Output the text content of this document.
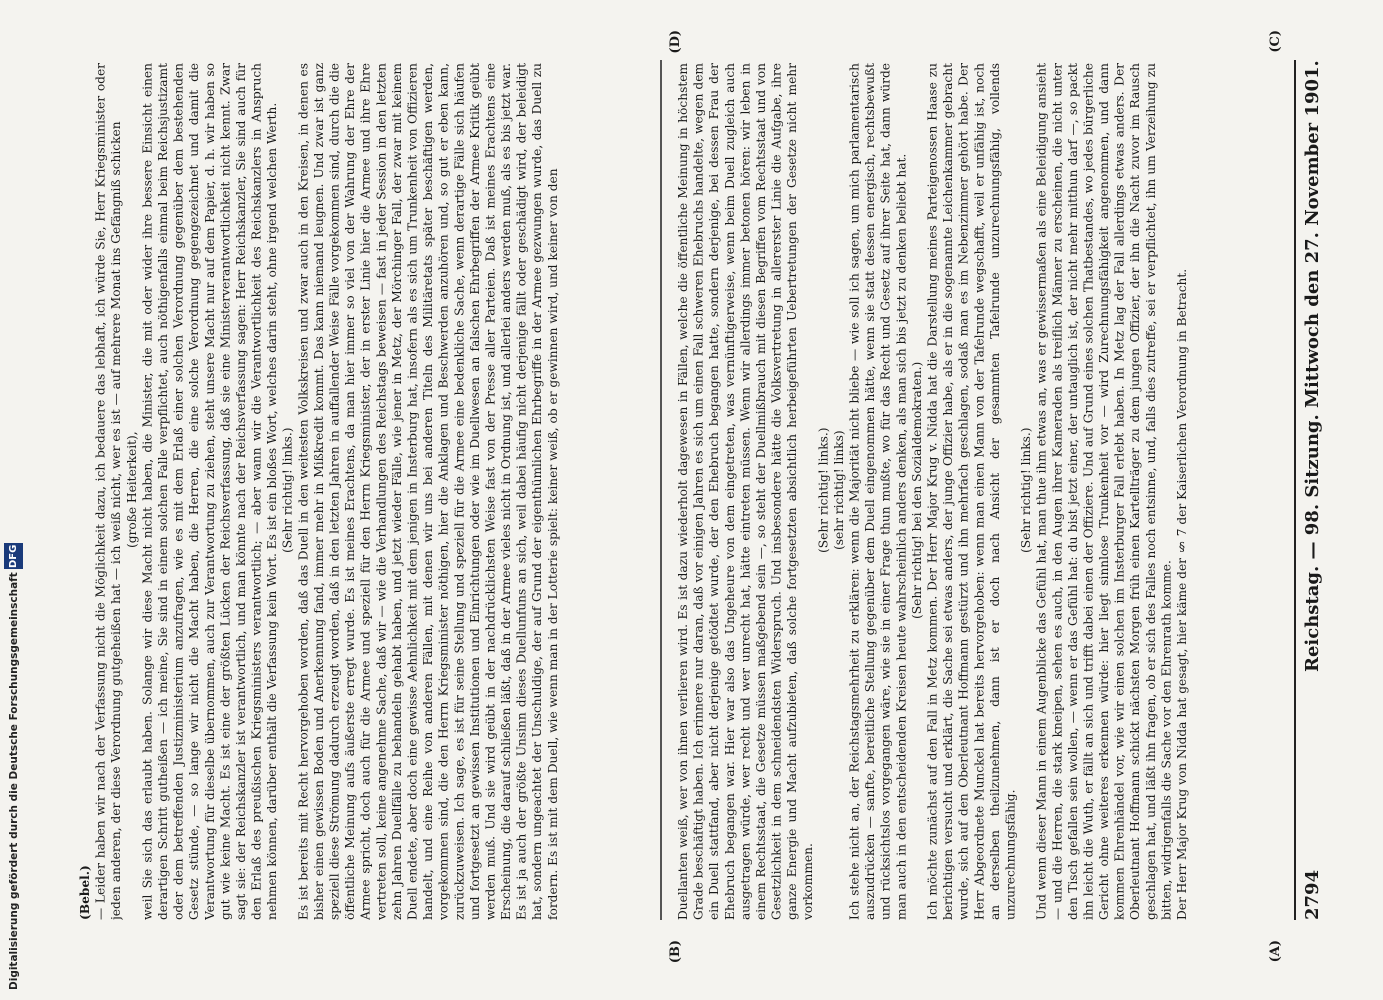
(Bebel.) — Leider haben wir nach der Verfassung nicht die Möglichkeit dazu, ich bedauere das lebhaft, ich würde Sie, Herr Kriegsminister oder jeden anderen, der diese Verordnung gutgeheißen hat — ich weiß nicht, wer es ist — auf mehrere Monat ins Gefängniß schicken (große Heiterkeit), weil Sie sich das erlaubt haben. Solange wir diese Macht nicht haben, die Minister, die mit oder wider ihre bessere Einsicht einen derartigen Schritt gutheißen — ich meine, Sie sind in einem solchen Falle verpflichtet, auch nöthigenfalls einmal beim Reichsjustizamt oder dem betreffenden Justizministerium anzufragen, wie es mit dem Erlaß einer solchen Verordnung gegenüber dem bestehenden Gesetz stünde, — so lange wir nicht die Macht haben, die Herren, die eine solche Verordnung gegengezeichnet und damit die Verantwortung für dieselbe übernommen, auch zur Verantwortung zu ziehen, steht unsere Macht nur auf dem Papier, d. h. wir haben so gut wie keine Macht. Es ist eine der größten Lücken der Reichsverfassung, daß sie eine Ministerverantwortlichkeit nicht kennt. Zwar sagt sie: der Reichskanzler ist verantwortlich, und man könnte nach der Reichsverfassung sagen: Herr Reichskanzler, Sie sind auch für den Erlaß des preußischen Kriegsministers verantwortlich; — aber wann wir die Verantwortlichkeit des Reichskanzlers in Anspruch nehmen können, darüber enthält die Verfassung kein Wort. Es ist ein bloßes Wort, welches darin steht, ohne irgend welchen Werth. (Sehr richtig! links.) Es ist bereits mit Recht hervorgehoben worden, daß das Duell in den weitesten Volkskreisen und zwar auch in den Kreisen, in denen es bisher einen gewissen Boden und Anerkennung fand, immer mehr in Mißkredit kommt. Das kann niemand leugnen. Und zwar ist ganz speziell diese Strömung dadurch erzeugt worden, daß in den letzten Jahren in auffallender Weise Fälle vorgekommen sind, durch die die öffentliche Meinung aufs äußerste erregt wurde. Es ist meines Erachtens, da man hier immer so viel von der Wahrung der Ehre der Armee spricht, doch auch für die Armee und speziell für den Herrn Kriegsminister, der in erster Linie hier die Armee und ihre Ehre vertreten soll, keine angenehme Sache, daß wir — wie die Verhandlungen des Reichstags beweisen — fast in jeder Session in den letzten zehn Jahren Duellfälle zu behandeln gehabt haben, und jetzt wieder Fälle, wie jener in Metz, der Mörchinger Fall, der zwar mit keinem Duell endete, aber doch eine gewisse Aehnlichkeit mit dem jenigen in Insterburg hat, insofern als es sich um Trunkenheit von Offizieren handelt, und eine Reihe von anderen Fällen, mit denen wir uns bei anderen Titeln des Militäretats später beschäftigen werden, vorgekommen sind, die den Herrn Kriegsminister nöthigen, hier die Anklagen und Beschwerden anzuhören und, so gut er eben kann, zurückzuweisen. Ich sage, es ist für seine Stellung und speziell für die Armee eine bedenkliche Sache, wenn derartige Fälle sich häufen und fortgesetzt an gewissen Institutionen und Einrichtungen oder wie im Duellwesen an falschen Ehrbegriffen der Armee Kritik geübt werden muß. Und sie wird geübt in der nachdrücklichsten Weise fast von der Presse aller Parteien. Daß ist meines Erachtens eine Erscheinung, die darauf schließen läßt, daß in der Armee vieles nicht in Ordnung ist, und allerlei anders werden muß, als es bis jetzt war. Es ist ja auch der größte Unsinn dieses Duellunfuns an sich, weil dabei häufig nicht derjenige fällt oder geschädigt wird, der beleidigt hat, sondern ungeachtet der Unschuldige, der auf Grund der eigenthümlichen Ehrbegriffe in der Armee gezwungen wurde, das Duell zu fordern. Es ist mit dem Duell, wie wenn man in der Lotterie spielt: keiner weiß, ob er gewinnen wird, und keiner von den	Duellanten weiß, wer von ihnen verlieren wird. Es ist dazu wiederholt dagewesen in Fällen, welche die öffentliche Meinung in höchstem Grade beschäftigt haben. Ich erinnere nur daran, daß vor einigen Jahren es sich um einen Fall schweren Ehebruchs handelte, wegen dem ein Duell stattfand, aber nicht derjenige getödtet wurde, der den Ehebruch begangen hatte, sondern derjenige, bei dessen Frau der Ehebruch begangen war. Hier war also das Ungeheure von dem eingetreten, was vernünftigerweise, wenn beim Duell zugleich auch ausgetragen würde, wer recht und wer unrecht hat, hätte eintreten müssen. Wenn wir allerdings immer betonen hören: wir leben in einem Rechtsstaat, die Gesetze müssen maßgebend sein —, so steht der Duellmißbrauch mit diesen Begriffen vom Rechtsstaat und von Gesetzlichkeit in dem schneidendsten Widerspruch. Und insbesondere hätte die Volksvertretung in allererster Linie die Aufgabe, ihre ganze Energie und Macht aufzubieten, daß solche fortgesetzten absichtlich herbeigeführten Uebertretungen der Gesetze nicht mehr vorkommen.

(Sehr richtig! links.) (sehr richtig! links) Ich stehe nicht an, der Reichstagsmehrheit zu erklären: wenn die Majorität nicht bliebe — wie soll ich sagen, um mich parlamentarisch auszudrücken — sanfte, bereitliche Stellung gegenüber dem Duell eingenommen hätte, wenn sie statt dessen energisch, rechtsbewußt und rücksichtslos vorgegangen wäre, wie sie in einer Frage thun mußte, wo für das Recht und Gesetz auf ihrer Seite hat, dann würde man auch in den entscheidenden Kreisen heute wahrscheinlich anders denken, als man sich bis jetzt zu denken beliebt hat. (Sehr richtig! bei den Sozialdemokraten.) Ich möchte zunächst auf den Fall in Metz kommen. Der Herr Major Krug v. Nidda hat die Darstellung meines Parteigenossen Haase zu berichtigen versucht und erklärt, die Sache sei etwas anders, der junge Offizier habe, als er in die sogenannte Leichenkammer gebracht wurde, sich auf den Oberleutnant Hoffmann gestürzt und ihn mehrfach geschlagen, sodaß man es im Nebenzimmer gehört habe. Der Herr Abgeordnete Munckel hat bereits hervorgehoben: wenn man einen Mann von der Tafelrunde wegschafft, weil er unfähig ist, noch an derselben theilzunehmen, dann ist er doch nach Ansicht der gesammten Tafelrunde unzurechnungsfähig, vollends unzurechnungsfähig.

(Sehr richtig! links.) Und wenn dieser Mann in einem Augenblicke das Gefühl hat, man thue ihm etwas an, was er gewissermaßen als eine Beleidigung ansieht — und die Herren, die stark kneipen, sehen es auch, in den Augen ihrer Kameraden als treiflich Männer zu erscheinen, die nicht unter den Tisch gefallen sein wollen, — wenn er das Gefühl hat: du bist jetzt einer, der untauglich ist, der nicht mehr mitthun darf —, so packt ihn leicht die Wuth, er fällt an sich und trifft dabei einen der Offiziere. Und auf Grund eines solchen Thatbestandes, wo jedes bürgerliche Gericht ohne weiteres erkennen würde: hier liegt sinnlose Trunkenheit vor — wird Zurechnungsfähigkeit angenommen, und dann kommen Ehrenhändel vor, wie wir einen solchen im Insterburger Fall erlebt haben. In Metz lag der Fall allerdings etwas anders. Der Oberleutnant Hoffmann schickt nächsten Morgen früh einen Kartellträger zu dem jungen Offizier, der ihn die Nacht zuvor im Rausch geschlagen hat, und läßt ihn fragen, ob er sich des Falles noch entsinne, und, falls dies zutreffe, sei er verpflichtet, ihn um Verzeihung zu bitten, widrigenfalls die Sache vor den Ehrenrath komme. Der Herr Major Krug von Nidda hat gesagt, hier käme der § 7 der Kaiserlichen Verordnung in Betracht.

Digitalisierung gefördert durch die Deutsche Forschungsgemeinschaft DFG
2794
Reichstag. — 98. Sitzung. Mittwoch den 27. November 1901.
(A)
(B)
(C)
(D)
